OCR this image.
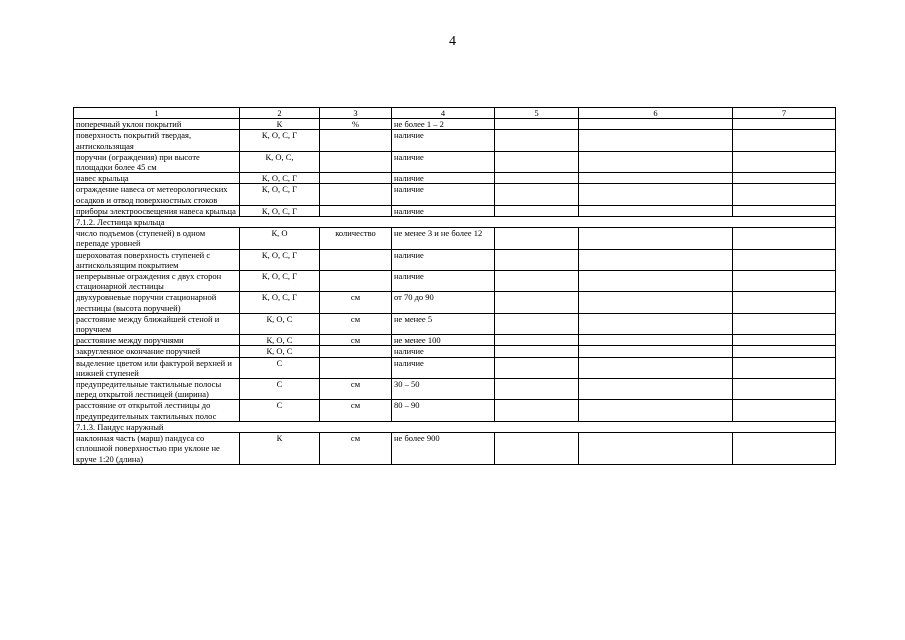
4
1	2	3	4	5	6	7
поперечный уклон покрытий	К	%	не более 1 – 2			
поверхность покрытий твердая, антискользящая	К, О, С, Г		наличие			
поручни (ограждения) при высоте площадки более 45 см	К, О, С,		наличие			
навес крыльца	К, О, С, Г		наличие			
ограждение навеса от метеорологических осадков и отвод поверхностных стоков	К, О, С, Г		наличие			
приборы электроосвещения навеса крыльца	К, О, С, Г		наличие			
7.1.2. Лестница крыльца						
число подъемов (ступеней) в одном перепаде уровней	К, О	количество	не менее 3 и не более 12			
шероховатая поверхность ступеней с антискользящим покрытием	К, О, С, Г		наличие			
непрерывные ограждения с двух сторон стационарной лестницы	К, О, С, Г		наличие			
двухуровневые поручни стационарной лестницы (высота поручней)	К, О, С, Г	см	от 70 до 90			
расстояние между ближайшей стеной и поручнем	К, О, С	см	не менее 5			
расстояние между поручнями	К, О, С	см	не менее 100			
закругленное окончание поручней	К, О, С		наличие			
выделение цветом или фактурой верхней и нижней ступеней	С		наличие			
предупредительные тактильные полосы перед открытой лестницей (ширина)	С	см	30 – 50			
расстояние от открытой лестницы до предупредительных тактильных полос	С	см	80 – 90			
7.1.3. Пандус наружный						
наклонная часть (марш) пандуса со сплошной поверхностью при уклоне не круче 1:20 (длина)	К	см	не более 900			
